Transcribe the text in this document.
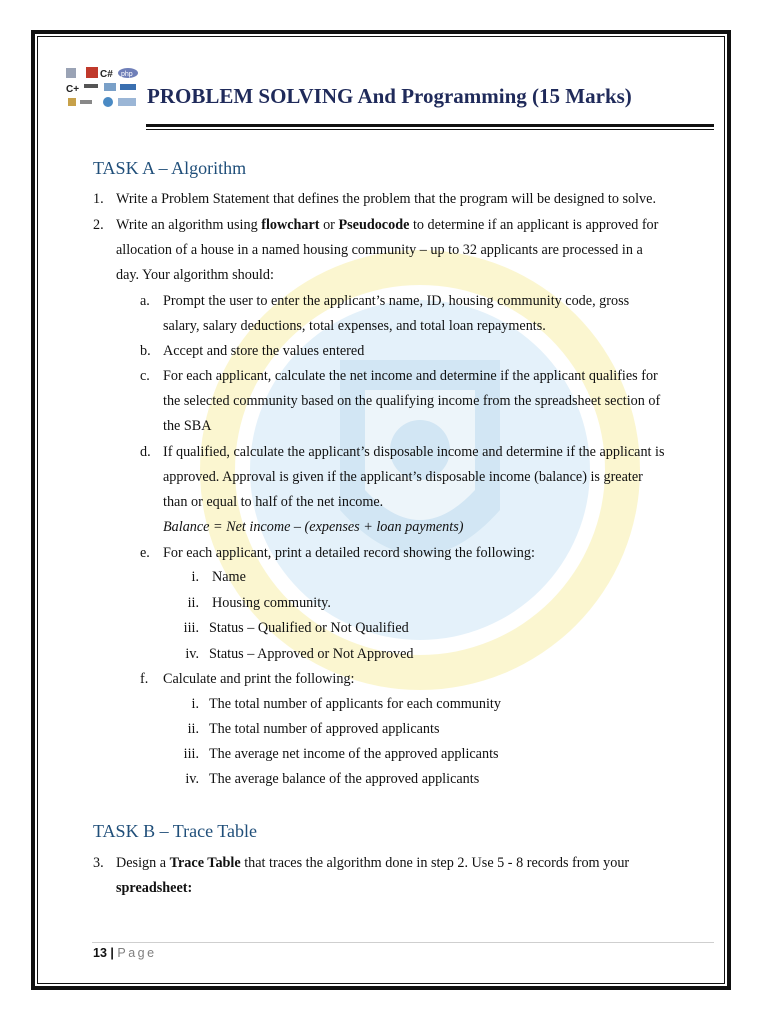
C# php
C+	PROBLEM SOLVING And Programming (15 Marks)
TASK A – Algorithm
1. Write a Problem Statement that defines the problem that the program will be designed to solve.
2. Write an algorithm using flowchart or Pseudocode to determine if an applicant is approved for
allocation of a house in a named housing community – up to 32 applicants are processed in a
day. Your algorithm should:
a. Prompt the user to enter the applicant’s name, ID, housing community code, gross
salary, salary deductions, total expenses, and total loan repayments.
b. Accept and store the values entered
c. For each applicant, calculate the net income and determine if the applicant qualifies for
the selected community based on the qualifying income from the spreadsheet section of
the SBA
d. If qualified, calculate the applicant’s disposable income and determine if the applicant is
approved. Approval is given if the applicant’s disposable income (balance) is greater
than or equal to half of the net income.
Balance = Net income – (expenses + loan payments)
e. For each applicant, print a detailed record showing the following:
i. Name
ii. Housing community.
iii. Status – Qualified or Not Qualified
iv. Status – Approved or Not Approved
f. Calculate and print the following:
i. The total number of applicants for each community
ii. The total number of approved applicants
iii. The average net income of the approved applicants
iv. The average balance of the approved applicants
TASK B – Trace Table
3. Design a Trace Table that traces the algorithm done in step 2. Use 5 - 8 records from your
spreadsheet:
13 | Page
